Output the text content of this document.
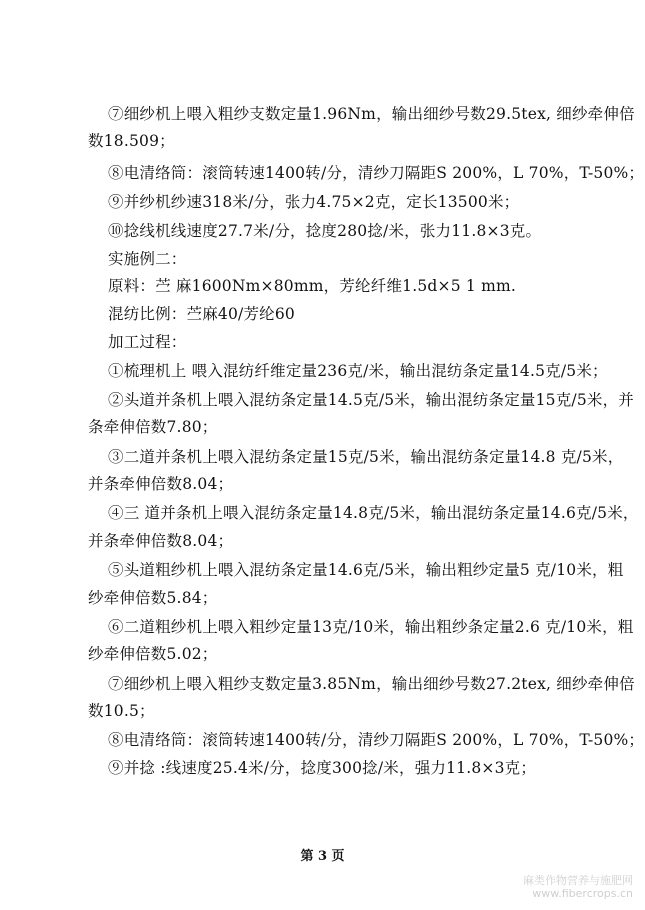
⑦细纱机上喂入粗纱支数定量1.96Nm，输出细纱号数29.5tex, 细纱牵伸倍
数18.509；
⑧电清络筒：滚筒转速1400转/分，清纱刀隔距S 200%，L 70%，T-50%；
⑨并纱机纱速318米/分，张力4.75×2克，定长13500米；
⑩捻线机线速度27.7米/分，捻度280捻/米，张力11.8×3克。
实施例二：
原料：苎 麻1600Nm×80mm，芳纶纤维1.5d×5 1 mm.
混纺比例：苎麻40/芳纶60
加工过程：
①梳理机上 喂入混纺纤维定量236克/米，输出混纺条定量14.5克/5米；
②头道并条机上喂入混纺条定量14.5克/5米，输出混纺条定量15克/5米，并
条牵伸倍数7.80；
③二道并条机上喂入混纺条定量15克/5米，输出混纺条定量14.8 克/5米，
并条牵伸倍数8.04；
④三 道并条机上喂入混纺条定量14.8克/5米，输出混纺条定量14.6克/5米，
并条牵伸倍数8.04；
⑤头道粗纱机上喂入混纺条定量14.6克/5米，输出粗纱定量5 克/10米，粗
纱牵伸倍数5.84；
⑥二道粗纱机上喂入粗纱定量13克/10米，输出粗纱条定量2.6 克/10米，粗
纱牵伸倍数5.02；
⑦细纱机上喂入粗纱支数定量3.85Nm，输出细纱号数27.2tex, 细纱牵伸倍
数10.5；
⑧电清络筒：滚筒转速1400转/分，清纱刀隔距S 200%，L 70%，T-50%；
⑨并捻 :线速度25.4米/分，捻度300捻/米，强力11.8×3克；
第 3 页
麻类作物营养与施肥网
www.fibercrops.cn
